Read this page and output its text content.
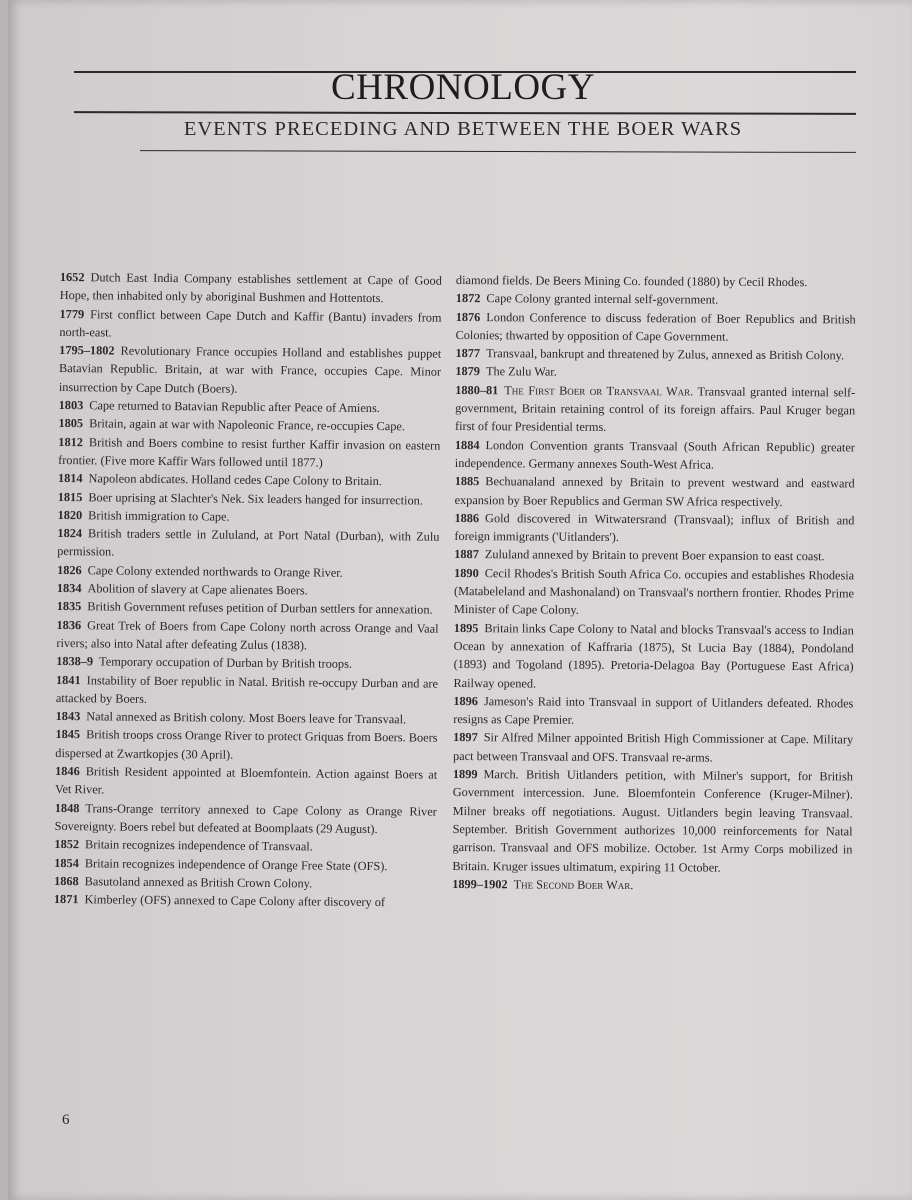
CHRONOLOGY
EVENTS PRECEDING AND BETWEEN THE BOER WARS

1652 Dutch East India Company establishes settlement at Cape of Good Hope, then inhabited only by aboriginal Bushmen and Hottentots.

1779 First conflict between Cape Dutch and Kaffir (Bantu) invaders from north-east.

1795–1802 Revolutionary France occupies Holland and establishes puppet Batavian Republic. Britain, at war with France, occupies Cape. Minor insurrection by Cape Dutch (Boers).

1803 Cape returned to Batavian Republic after Peace of Amiens.

1805 Britain, again at war with Napoleonic France, re-occupies Cape.

1812 British and Boers combine to resist further Kaffir invasion on eastern frontier. (Five more Kaffir Wars followed until 1877.)

1814 Napoleon abdicates. Holland cedes Cape Colony to Britain.

1815 Boer uprising at Slachter's Nek. Six leaders hanged for insurrection.

1820 British immigration to Cape.

1824 British traders settle in Zululand, at Port Natal (Durban), with Zulu permission.

1826 Cape Colony extended northwards to Orange River.

1834 Abolition of slavery at Cape alienates Boers.

1835 British Government refuses petition of Durban settlers for annexation.

1836 Great Trek of Boers from Cape Colony north across Orange and Vaal rivers; also into Natal after defeating Zulus (1838).

1838–9 Temporary occupation of Durban by British troops.

1841 Instability of Boer republic in Natal. British re-occupy Durban and are attacked by Boers.

1843 Natal annexed as British colony. Most Boers leave for Transvaal.

1845 British troops cross Orange River to protect Griquas from Boers. Boers dispersed at Zwartkopjes (30 April).

1846 British Resident appointed at Bloemfontein. Action against Boers at Vet River.

1848 Trans-Orange territory annexed to Cape Colony as Orange River Sovereignty. Boers rebel but defeated at Boomplaats (29 August).

1852 Britain recognizes independence of Transvaal.

1854 Britain recognizes independence of Orange Free State (OFS).

1868 Basutoland annexed as British Crown Colony.

1871 Kimberley (OFS) annexed to Cape Colony after discovery of

diamond fields. De Beers Mining Co. founded (1880) by Cecil Rhodes.

1872 Cape Colony granted internal self-government.

1876 London Conference to discuss federation of Boer Republics and British Colonies; thwarted by opposition of Cape Government.

1877 Transvaal, bankrupt and threatened by Zulus, annexed as British Colony.

1879 The Zulu War.

1880–81 The First Boer or Transvaal War. Transvaal granted internal self-government, Britain retaining control of its foreign affairs. Paul Kruger began first of four Presidential terms.

1884 London Convention grants Transvaal (South African Republic) greater independence. Germany annexes South-West Africa.

1885 Bechuanaland annexed by Britain to prevent westward and eastward expansion by Boer Republics and German SW Africa respectively.

1886 Gold discovered in Witwatersrand (Transvaal); influx of British and foreign immigrants ('Uitlanders').

1887 Zululand annexed by Britain to prevent Boer expansion to east coast.

1890 Cecil Rhodes's British South Africa Co. occupies and establishes Rhodesia (Matabeleland and Mashonaland) on Transvaal's northern frontier. Rhodes Prime Minister of Cape Colony.

1895 Britain links Cape Colony to Natal and blocks Transvaal's access to Indian Ocean by annexation of Kaffraria (1875), St Lucia Bay (1884), Pondoland (1893) and Togoland (1895). Pretoria-Delagoa Bay (Portuguese East Africa) Railway opened.

1896 Jameson's Raid into Transvaal in support of Uitlanders defeated. Rhodes resigns as Cape Premier.

1897 Sir Alfred Milner appointed British High Commissioner at Cape. Military pact between Transvaal and OFS. Transvaal re-arms.

1899 March. British Uitlanders petition, with Milner's support, for British Government intercession. June. Bloemfontein Conference (Kruger-Milner). Milner breaks off negotiations. August. Uitlanders begin leaving Transvaal. September. British Government authorizes 10,000 reinforcements for Natal garrison. Transvaal and OFS mobilize. October. 1st Army Corps mobilized in Britain. Kruger issues ultimatum, expiring 11 October.

1899–1902 The Second Boer War.

6
